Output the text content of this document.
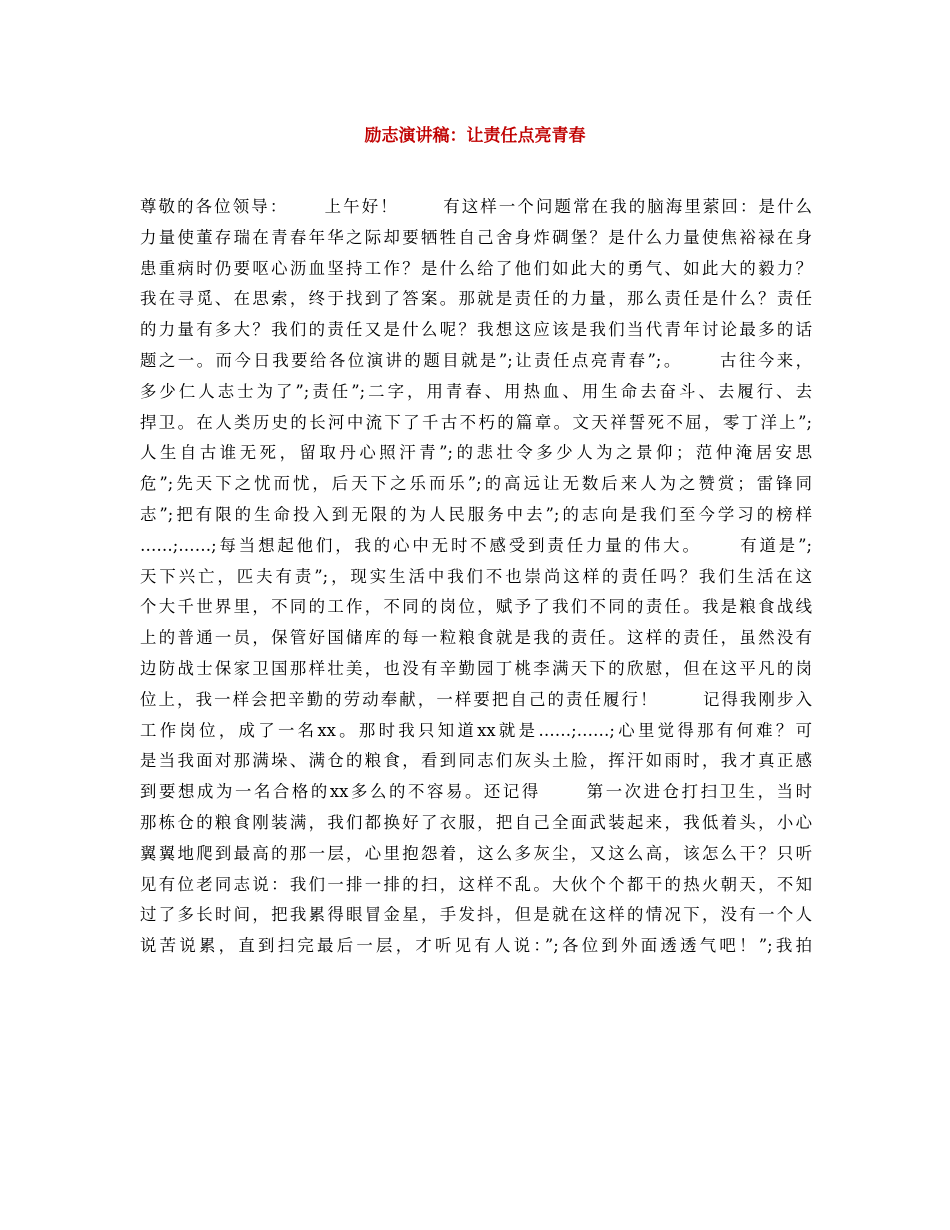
励志演讲稿：让责任点亮青春
尊敬的各位领导：　　 上午好！　　 有这样一个问题常在我的脑海里萦回：是什么
力量使董存瑞在青春年华之际却要牺牲自己舍身炸碉堡？是什么力量使焦裕禄在身
患重病时仍要呕心沥血坚持工作？是什么给了他们如此大的勇气、如此大的毅力？
我在寻觅、在思索，终于找到了答案。那就是责任的力量，那么责任是什么？责任
的力量有多大？我们的责任又是什么呢？我想这应该是我们当代青年讨论最多的话
题之一。而今日我要给各位演讲的题目就是”;让责任点亮青春”;。　　 古往今来，
多少仁人志士为了”;责任”;二字，用青春、用热血、用生命去奋斗、去履行、去
捍卫。在人类历史的长河中流下了千古不朽的篇章。文天祥誓死不屈，零丁洋上”;
人生自古谁无死，留取丹心照汗青”;的悲壮令多少人为之景仰；范仲淹居安思
危”;先天下之忧而忧，后天下之乐而乐”;的高远让无数后来人为之赞赏；雷锋同
志”;把有限的生命投入到无限的为人民服务中去”;的志向是我们至今学习的榜样
……;……;每当想起他们，我的心中无时不感受到责任力量的伟大。　　 有道是”;
天下兴亡，匹夫有责”;，现实生活中我们不也崇尚这样的责任吗？我们生活在这
个大千世界里，不同的工作，不同的岗位，赋予了我们不同的责任。我是粮食战线
上的普通一员，保管好国储库的每一粒粮食就是我的责任。这样的责任，虽然没有
边防战士保家卫国那样壮美，也没有辛勤园丁桃李满天下的欣慰，但在这平凡的岗
位上，我一样会把辛勤的劳动奉献，一样要把自己的责任履行！　　 记得我刚步入
工作岗位，成了一名xx。那时我只知道xx就是……;……;心里觉得那有何难？可
是当我面对那满垛、满仓的粮食，看到同志们灰头土脸，挥汗如雨时，我才真正感
到要想成为一名合格的xx多么的不容易。还记得　　 第一次进仓打扫卫生，当时
那栋仓的粮食刚装满，我们都换好了衣服，把自己全面武装起来，我低着头，小心
翼翼地爬到最高的那一层，心里抱怨着，这么多灰尘，又这么高，该怎么干？只听
见有位老同志说：我们一排一排的扫，这样不乱。大伙个个都干的热火朝天，不知
过了多长时间，把我累得眼冒金星，手发抖，但是就在这样的情况下，没有一个人
说苦说累，直到扫完最后一层，才听见有人说：”;各位到外面透透气吧！”;我拍
